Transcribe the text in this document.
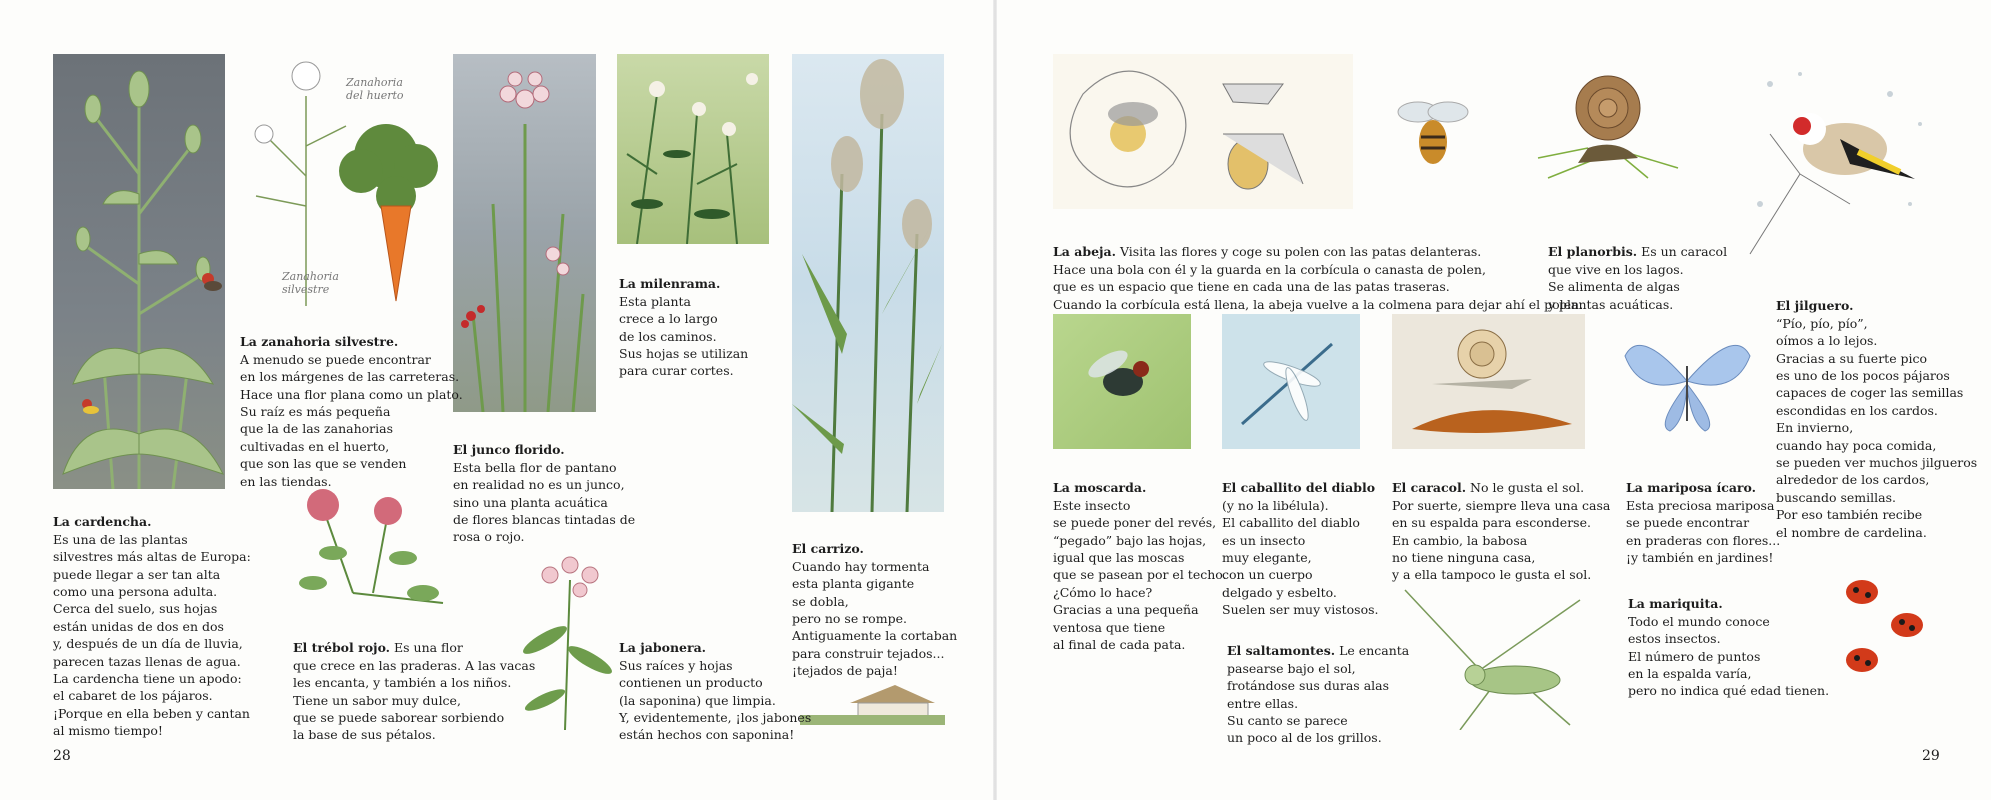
Zanahoria
del huerto
Zanahoria
silvestre

La cardencha.
Es una de las plantas
silvestres más altas de Europa:
puede llegar a ser tan alta
como una persona adulta.
Cerca del suelo, sus hojas
están unidas de dos en dos
y, después de un día de lluvia,
parecen tazas llenas de agua.
La cardencha tiene un apodo:
el cabaret de los pájaros.
¡Porque en ella beben y cantan
al mismo tiempo!

La zanahoria silvestre.
A menudo se puede encontrar
en los márgenes de las carreteras.
Hace una flor plana como un plato.
Su raíz es más pequeña
que la de las zanahorias
cultivadas en el huerto,
que son las que se venden
en las tiendas.

El junco florido.
Esta bella flor de pantano
en realidad no es un junco,
sino una planta acuática
de flores blancas tintadas de
rosa o rojo.

La milenrama.
Esta planta
crece a lo largo
de los caminos.
Sus hojas se utilizan
para curar cortes.

El carrizo.
Cuando hay tormenta
esta planta gigante
se dobla,
pero no se rompe.
Antiguamente la cortaban
para construir tejados...
¡tejados de paja!

El trébol rojo. Es una flor
que crece en las praderas. A las vacas
les encanta, y también a los niños.
Tiene un sabor muy dulce,
que se puede saborear sorbiendo
la base de sus pétalos.

La jabonera.
Sus raíces y hojas
contienen un producto
(la saponina) que limpia.
Y, evidentemente, ¡los jabones
están hechos con saponina!

28

La abeja. Visita las flores y coge su polen con las patas delanteras.
Hace una bola con él y la guarda en la corbícula o canasta de polen,
que es un espacio que tiene en cada una de las patas traseras.
Cuando la corbícula está llena, la abeja vuelve a la colmena para dejar ahí el polen.

El planorbis. Es un caracol
que vive en los lagos.
Se alimenta de algas
y plantas acuáticas.	El jilguero.
“Pío, pío, pío”,
oímos a lo lejos.
Gracias a su fuerte pico
es uno de los pocos pájaros
capaces de coger las semillas
escondidas en los cardos.
En invierno,
cuando hay poca comida,
se pueden ver muchos jilgueros
alrededor de los cardos,
buscando semillas.
Por eso también recibe
el nombre de cardelina.

La moscarda.
Este insecto
se puede poner del revés,
“pegado” bajo las hojas,
igual que las moscas
que se pasean por el techo.
¿Cómo lo hace?
Gracias a una pequeña
ventosa que tiene
al final de cada pata.

El caballito del diablo
(y no la libélula).
El caballito del diablo
es un insecto
muy elegante,
con un cuerpo
delgado y esbelto.
Suelen ser muy vistosos.

El caracol. No le gusta el sol.
Por suerte, siempre lleva una casa
en su espalda para esconderse.
En cambio, la babosa
no tiene ninguna casa,
y a ella tampoco le gusta el sol.

La mariposa ícaro.
Esta preciosa mariposa
se puede encontrar
en praderas con flores...
¡y también en jardines!

El saltamontes. Le encanta
pasearse bajo el sol,
frotándose sus duras alas
entre ellas.
Su canto se parece
un poco al de los grillos.

La mariquita.
Todo el mundo conoce
estos insectos.
El número de puntos
en la espalda varía,
pero no indica qué edad tienen.

29
